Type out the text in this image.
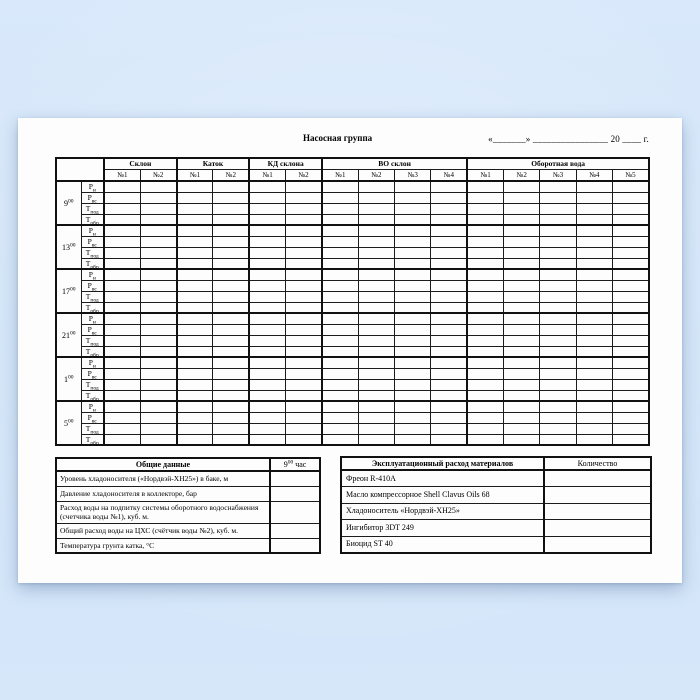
Насосная группа	«_______» ________________ 20 ____ г.
		Склон		Каток		КД склона		ВО склон				Оборотная вода				
		№1	№2	№1	№2	№1	№2	№1	№2	№3	№4	№1	№2	№3	№4	№5
$9^{00}$	$Р_н$															
	$Р_{вс}$															
	$Т_{под}$															
	$Т_{обр}$															
$13^{00}$	$Р_н$															
	$Р_{вс}$															
	$Т_{под}$															
	$Т_{обр}$															
$17^{00}$	$Р_н$															
	$Р_{вс}$															
	$Т_{под}$															
	$Т_{обр}$															
$21^{00}$	$Р_н$															
	$Р_{вс}$															
	$Т_{под}$															
	$Т_{обр}$															
$1^{00}$	$Р_н$															
	$Р_{вс}$															
	$Т_{под}$															
	$Т_{обр}$															
$5^{00}$	$Р_н$															
	$Р_{вс}$															
	$Т_{под}$															
	$Т_{обр}$															
Общие данные	$9^{00}$ час
Уровень хладоносителя («Нордвэй-ХН25») в баке, м	
Давление хладоносителя в коллекторе, бар	
Расход воды на подпитку системы оборотного водоснабжения (счетчика воды №1), куб. м.	
Общий расход воды на ЦХС (счётчик воды №2), куб. м.	
Температура грунта катка, °С	
Эксплуатационный расход материалов	Количество
Фреон R-410A	
Масло компрессорное Shell Clavus Oils 68	
Хладоноситель «Нордвэй-ХН25»	
Ингибитор 3DT 249	
Биоцид ST 40	
